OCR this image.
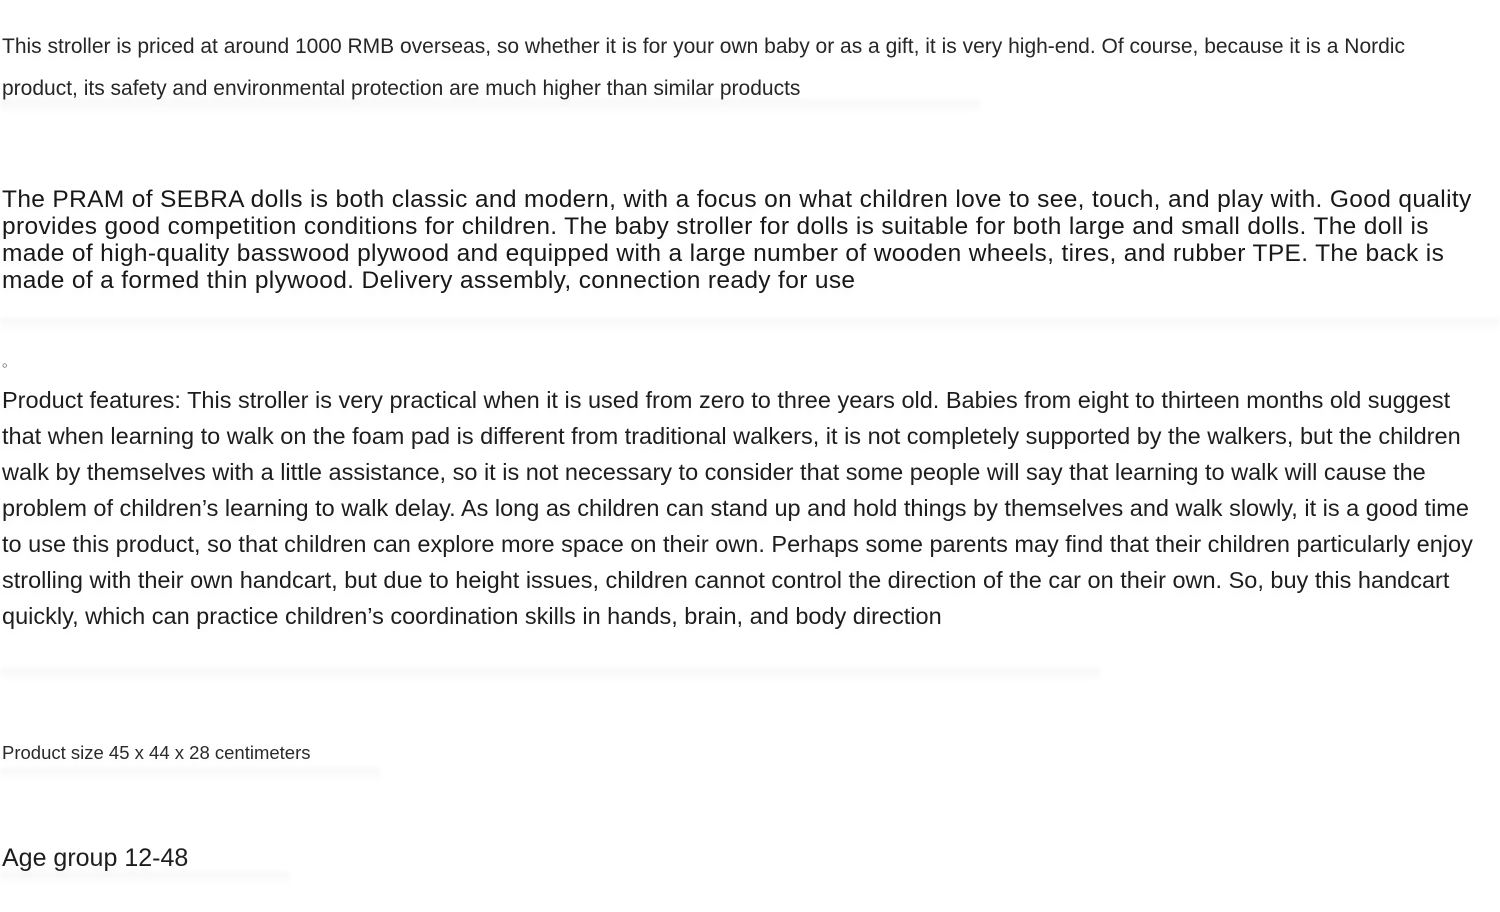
This stroller is priced at around 1000 RMB overseas, so whether it is for your own baby or as a gift, it is very high-end. Of course, because it is a Nordic product, its safety and environmental protection are much higher than similar products

The PRAM of SEBRA dolls is both classic and modern, with a focus on what children love to see, touch, and play with. Good quality provides good competition conditions for children. The baby stroller for dolls is suitable for both large and small dolls. The doll is made of high-quality basswood plywood and equipped with a large number of wooden wheels, tires, and rubber TPE. The back is made of a formed thin plywood. Delivery assembly, connection ready for use

。

Product features: This stroller is very practical when it is used from zero to three years old. Babies from eight to thirteen months old suggest that when learning to walk on the foam pad is different from traditional walkers, it is not completely supported by the walkers, but the children walk by themselves with a little assistance, so it is not necessary to consider that some people will say that learning to walk will cause the problem of children’s learning to walk delay. As long as children can stand up and hold things by themselves and walk slowly, it is a good time to use this product, so that children can explore more space on their own. Perhaps some parents may find that their children particularly enjoy strolling with their own handcart, but due to height issues, children cannot control the direction of the car on their own. So, buy this handcart quickly, which can practice children’s coordination skills in hands, brain, and body direction

Product size 45 x 44 x 28 centimeters

Age group 12-48
